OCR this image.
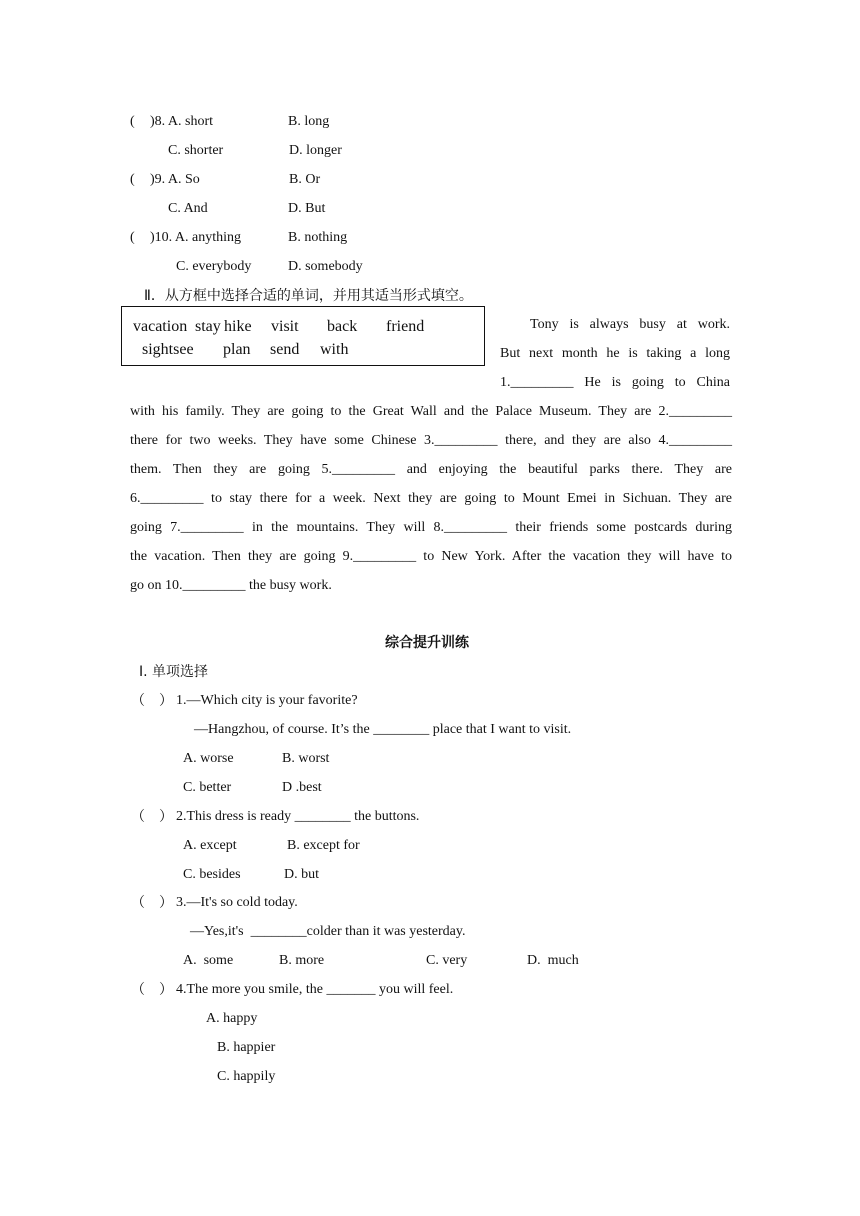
( )8. A. short	B. long
C. shorter	D. longer
( )9. A. So	B. Or
C. And	D. But
( )10. A. anything	B. nothing
C. everybody	D. somebody
Ⅱ．从方框中选择合适的单词，并用其适当形式填空。
vacation stay hike visit back friend
sightsee plan send with
Tony is always busy at work.
But next month he is taking a long
1._________ He is going to China
with his family. They are going to the Great Wall and the Palace Museum. They are 2._________
there for two weeks. They have some Chinese 3._________ there, and they are also 4._________
them. Then they are going 5._________ and enjoying the beautiful parks there. They are
6._________ to stay there for a week. Next they are going to Mount Emei in Sichuan. They are
going 7._________ in the mountains. They will 8._________ their friends some postcards during
the vacation. Then they are going 9._________ to New York. After the vacation they will have to
go on 10._________ the busy work.
综合提升训练
Ⅰ. 单项选择
（　） 1.—Which city is your favorite?
—Hangzhou, of course. It’s the ________ place that I want to visit.
A. worse	B. worst
C. better	D .best
（　） 2.This dress is ready ________ the buttons.
A. except	B. except for
C. besides	D. but
（　） 3.—It's so cold today.
—Yes,it's  ________colder than it was yesterday.
A.  some	B. more	C. very	D.  much
（　） 4.The more you smile, the _______ you will feel.
A. happy
B. happier
C. happily
